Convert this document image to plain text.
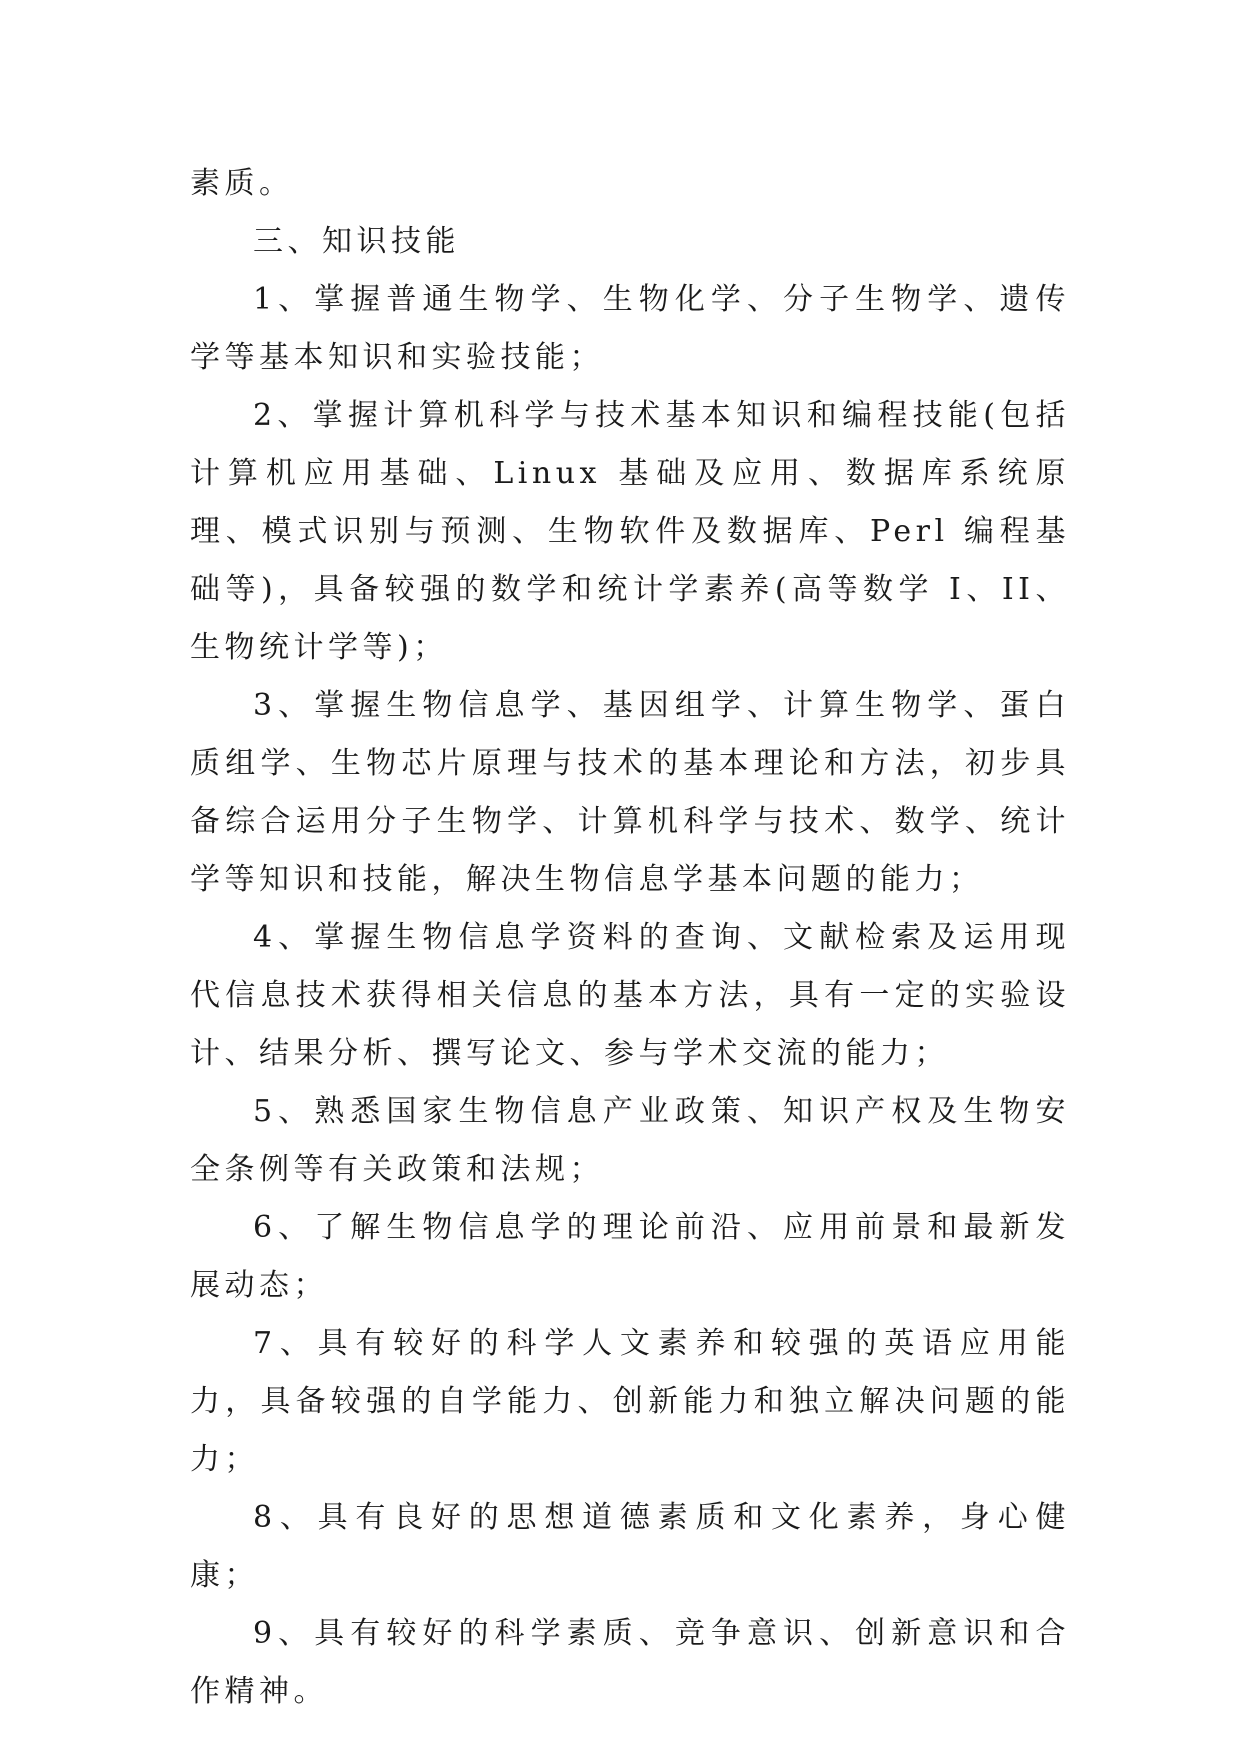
素质。

三、知识技能

1、掌握普通生物学、生物化学、分子生物学、遗传学等基本知识和实验技能；

2、掌握计算机科学与技术基本知识和编程技能(包括计算机应用基础、Linux 基础及应用、数据库系统原理、模式识别与预测、生物软件及数据库、Perl 编程基础等)，具备较强的数学和统计学素养(高等数学 I、II、生物统计学等)；

3、掌握生物信息学、基因组学、计算生物学、蛋白质组学、生物芯片原理与技术的基本理论和方法，初步具备综合运用分子生物学、计算机科学与技术、数学、统计学等知识和技能，解决生物信息学基本问题的能力；

4、掌握生物信息学资料的查询、文献检索及运用现代信息技术获得相关信息的基本方法，具有一定的实验设计、结果分析、撰写论文、参与学术交流的能力；

5、熟悉国家生物信息产业政策、知识产权及生物安全条例等有关政策和法规；

6、了解生物信息学的理论前沿、应用前景和最新发展动态；

7、具有较好的科学人文素养和较强的英语应用能力，具备较强的自学能力、创新能力和独立解决问题的能力；

8、具有良好的思想道德素质和文化素养，身心健康；

9、具有较好的科学素质、竞争意识、创新意识和合作精神。
